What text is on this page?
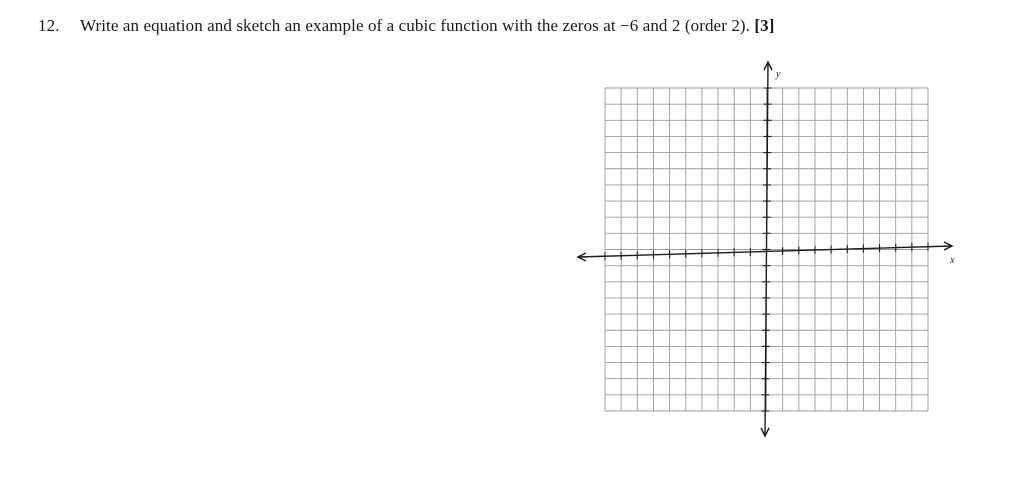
12. Write an equation and sketch an example of a cubic function with the zeros at −6 and 2 (order 2). [3]
x
y
